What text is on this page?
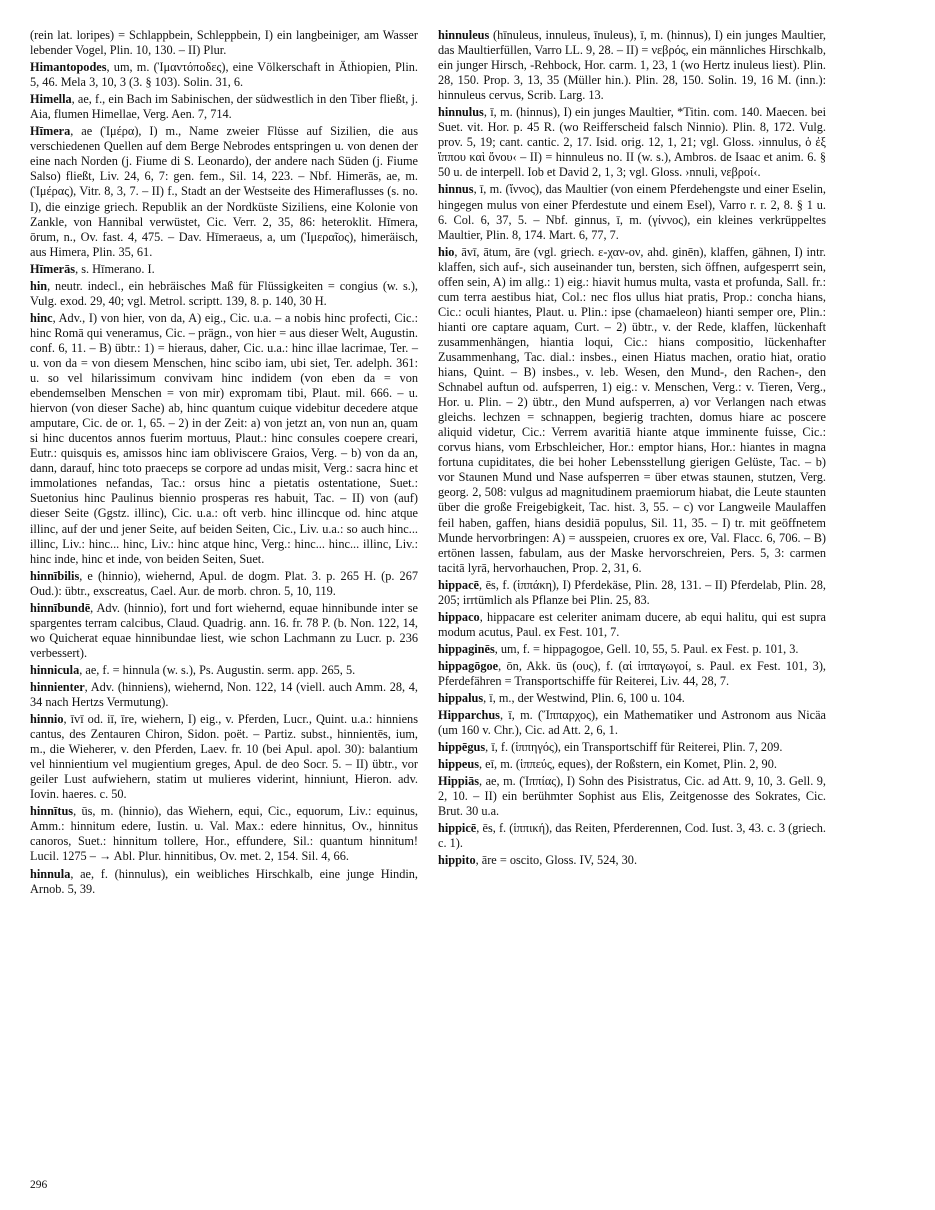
(rein lat. loripes) = Schlappbein, Schleppbein, I) ein langbeiniger, am Wasser lebender Vogel, Plin. 10, 130. – II) Plur.
Himantopodes, um, m. (Ἱμαντόποδες), eine Völkerschaft in Äthiopien, Plin. 5, 46. Mela 3, 10, 3 (3. § 103). Solin. 31, 6.
Himella, ae, f., ein Bach im Sabinischen, der südwestlich in den Tiber fließt, j. Aia, flumen Himellae, Verg. Aen. 7, 714.
Hīmera, ae (Ἱμέρα), I) m., Name zweier Flüsse auf Sizilien, die aus verschiedenen Quellen auf dem Berge Nebrodes entspringen u. von denen der eine nach Norden (j. Fiume di S. Leonardo), der andere nach Süden (j. Fiume Salso) fließt, Liv. 24, 6, 7: gen. fem., Sil. 14, 223. – Nbf. Himerās, ae, m. (Ἱμέρας), Vitr. 8, 3, 7. – II) f., Stadt an der Westseite des Himeraflusses (s. no. I), die einzige griech. Republik an der Nordküste Siziliens, eine Kolonie von Zankle, von Hannibal verwüstet, Cic. Verr. 2, 35, 86: heteroklit. Hīmera, ōrum, n., Ov. fast. 4, 475. – Dav. Hīmeraeus, a, um (Ἱμεραῖος), himeräisch, aus Himera, Plin. 35, 61.
Hīmerās, s. Hīmerano. I.
hin, neutr. indecl., ein hebräisches Maß für Flüssigkeiten = congius (w. s.), Vulg. exod. 29, 40; vgl. Metrol. scriptt. 139, 8. p. 140, 30 H.
hinc, Adv., I) von hier, von da, A) eig., Cic. u.a. – a nobis hinc profecti, Cic.: hinc Romā qui veneramus, Cic. – prägn., von hier = aus dieser Welt, Augustin. conf. 6, 11. – B) übtr.: 1) = hieraus, daher, Cic. u.a.: hinc illae lacrimae, Ter. – u. von da = von diesem Menschen, hinc scibo iam, ubi siet, Ter. adelph. 361: u. so vel hilarissimum convivam hinc indidem (von eben da = von ebendemselben Menschen = von mir) expromam tibi, Plaut. mil. 666. – u. hiervon (von dieser Sache) ab, hinc quantum cuique videbitur decedere atque amputare, Cic. de or. 1, 65. – 2) in der Zeit: a) von jetzt an, von nun an, quam si hinc ducentos annos fuerim mortuus, Plaut.: hinc consules coepere creari, Eutr.: quisquis es, amissos hinc iam obliviscere Graios, Verg. – b) von da an, dann, darauf, hinc toto praeceps se corpore ad undas misit, Verg.: sacra hinc et immolationes nefandas, Tac.: orsus hinc a pietatis ostentatione, Suet.: Suetonius hinc Paulinus biennio prosperas res habuit, Tac. – II) von (auf) dieser Seite (Ggstz. illinc), Cic. u.a.: oft verb. hinc illincque od. hinc atque illinc, auf der und jener Seite, auf beiden Seiten, Cic., Liv. u.a.: so auch hinc... illinc, Liv.: hinc... hinc, Liv.: hinc atque hinc, Verg.: hinc... hinc... illinc, Liv.: hinc inde, hinc et inde, von beiden Seiten, Suet.
hinnībilis, e (hinnio), wiehernd, Apul. de dogm. Plat. 3. p. 265 H. (p. 267 Oud.): übtr., exscreatus, Cael. Aur. de morb. chron. 5, 10, 119.
hinnībundē, Adv. (hinnio), fort und fort wiehernd, equae hinnibunde inter se spargentes terram calcibus, Claud. Quadrig. ann. 16. fr. 78 P. (b. Non. 122, 14, wo Quicherat equae hinnibundae liest, wie schon Lachmann zu Lucr. p. 236 verbessert).
hinnicula, ae, f. = hinnula (w. s.), Ps. Augustin. serm. app. 265, 5.
hinnienter, Adv. (hinniens), wiehernd, Non. 122, 14 (viell. auch Amm. 28, 4, 34 nach Hertzs Vermutung).
hinnio, īvī od. iī, īre, wiehern, I) eig., v. Pferden, Lucr., Quint. u.a.: hinniens cantus, des Zentauren Chiron, Sidon. poët. – Partiz. subst., hinnientēs, ium, m., die Wieherer, v. den Pferden, Laev. fr. 10 (bei Apul. apol. 30): balantium vel hinnientium vel mugientium greges, Apul. de deo Socr. 5. – II) übtr., vor geiler Lust aufwiehern, statim ut mulieres viderint, hinniunt, Hieron. adv. Iovin. haeres. c. 50.
hinnītus, ūs, m. (hinnio), das Wiehern, equi, Cic., equorum, Liv.: equinus, Amm.: hinnitum edere, Iustin. u. Val. Max.: edere hinnitus, Ov., hinnitus canoros, Suet.: hinnitum tollere, Hor., effundere, Sil.: quantum hinnitum! Lucil. 1275 – → Abl. Plur. hinnitibus, Ov. met. 2, 154. Sil. 4, 66.
hinnula, ae, f. (hinnulus), ein weibliches Hirschkalb, eine junge Hindin, Arnob. 5, 39.
hinnuleus (hīnuleus, innuleus, īnuleus), ī, m. (hinnus), I) ein junges Maultier, das Maultierfüllen, Varro LL. 9, 28. – II) = νεβρός, ein männliches Hirschkalb, ein junger Hirsch, -Rehbock, Hor. carm. 1, 23, 1 (wo Hertz inuleus liest). Plin. 28, 150. Prop. 3, 13, 35 (Müller hin.). Plin. 28, 150. Solin. 19, 16 M. (inn.): hinnuleus cervus, Scrib. Larg. 13.
hinnulus, ī, m. (hinnus), I) ein junges Maultier, *Titin. com. 140. Maecen. bei Suet. vit. Hor. p. 45 R. (wo Reifferscheid falsch Ninnio). Plin. 8, 172. Vulg. prov. 5, 19; cant. cantic. 2, 17. Isid. orig. 12, 1, 21; vgl. Gloss. ›innulus, ὁ ἐξ ἵππου καὶ ὄνου‹ – II) = hinnuleus no. II (w. s.), Ambros. de Isaac et anim. 6. § 50 u. de interpell. Iob et David 2, 1, 3; vgl. Gloss. ›nnuli, νεβροί‹.
hinnus, ī, m. (ἴννος), das Maultier (von einem Pferdehengste und einer Eselin, hingegen mulus von einer Pferdestute und einem Esel), Varro r. r. 2, 8. § 1 u. 6. Col. 6, 37, 5. – Nbf. ginnus, ī, m. (γίννος), ein kleines verkrüppeltes Maultier, Plin. 8, 174. Mart. 6, 77, 7.
hio, āvī, ātum, āre (vgl. griech. ε-χαν-ον, ahd. ginēn), klaffen, gähnen, I) intr. klaffen, sich auf-, sich auseinander tun, bersten, sich öffnen, aufgesperrt sein, offen sein, A) im allg.: 1) eig.: hiavit humus multa, vasta et profunda, Sall. fr.: cum terra aestibus hiat, Col.: nec flos ullus hiat pratis, Prop.: concha hians, Cic.: oculi hiantes, Plaut. u. Plin.: ipse (chamaeleon) hianti semper ore, Plin.: hianti ore captare aquam, Curt. – 2) übtr., v. der Rede, klaffen, lückenhaft zusammenhängen, hiantia loqui, Cic.: hians compositio, lückenhafter Zusammenhang, Tac. dial.: insbes., einen Hiatus machen, oratio hiat, oratio hians, Quint. – B) insbes., v. leb. Wesen, den Mund-, den Rachen-, den Schnabel auftun od. aufsperren, 1) eig.: v. Menschen, Verg.: v. Tieren, Verg., Hor. u. Plin. – 2) übtr., den Mund aufsperren, a) vor Verlangen nach etwas gleichs. lechzen = schnappen, begierig trachten, domus hiare ac poscere aliquid videtur, Cic.: Verrem avaritiā hiante atque imminente fuisse, Cic.: corvus hians, vom Erbschleicher, Hor.: emptor hians, Hor.: hiantes in magna fortuna cupiditates, die bei hoher Lebensstellung gierigen Gelüste, Tac. – b) vor Staunen Mund und Nase aufsperren = über etwas staunen, stutzen, Verg. georg. 2, 508: vulgus ad magnitudinem praemiorum hiabat, die Leute staunten über die große Freigebigkeit, Tac. hist. 3, 55. – c) vor Langweile Maulaffen feil haben, gaffen, hians desidiā populus, Sil. 11, 35. – I) tr. mit geöffnetem Munde hervorbringen: A) = ausspeien, cruores ex ore, Val. Flacc. 6, 706. – B) ertönen lassen, fabulam, aus der Maske hervorschreien, Pers. 5, 3: carmen tacitā lyrā, hervorhauchen, Prop. 2, 31, 6.
hippacē, ēs, f. (ἱππάκη), I) Pferdekäse, Plin. 28, 131. – II) Pferdelab, Plin. 28, 205; irrtümlich als Pflanze bei Plin. 25, 83.
hippaco, hippacare est celeriter animam ducere, ab equi halitu, qui est supra modum acutus, Paul. ex Fest. 101, 7.
hippaginēs, um, f. = hippagogoe, Gell. 10, 55, 5. Paul. ex Fest. p. 101, 3.
hippagōgoe, ōn, Akk. ūs (ους), f. (αἱ ἱππαγωγοί, s. Paul. ex Fest. 101, 3), Pferdefähren = Transportschiffe für Reiterei, Liv. 44, 28, 7.
hippalus, ī, m., der Westwind, Plin. 6, 100 u. 104.
Hipparchus, ī, m. (Ἵππαρχος), ein Mathematiker und Astronom aus Nicäa (um 160 v. Chr.), Cic. ad Att. 2, 6, 1.
hippēgus, ī, f. (ἱππηγός), ein Transportschiff für Reiterei, Plin. 7, 209.
hippeus, eī, m. (ἱππεύς, eques), der Roßstern, ein Komet, Plin. 2, 90.
Hippiās, ae, m. (Ἱππίας), I) Sohn des Pisistratus, Cic. ad Att. 9, 10, 3. Gell. 9, 2, 10. – II) ein berühmter Sophist aus Elis, Zeitgenosse des Sokrates, Cic. Brut. 30 u.a.
hippicē, ēs, f. (ἱππική), das Reiten, Pferderennen, Cod. Iust. 3, 43. c. 3 (griech. c. 1).
hippito, āre = oscito, Gloss. IV, 524, 30.
296
